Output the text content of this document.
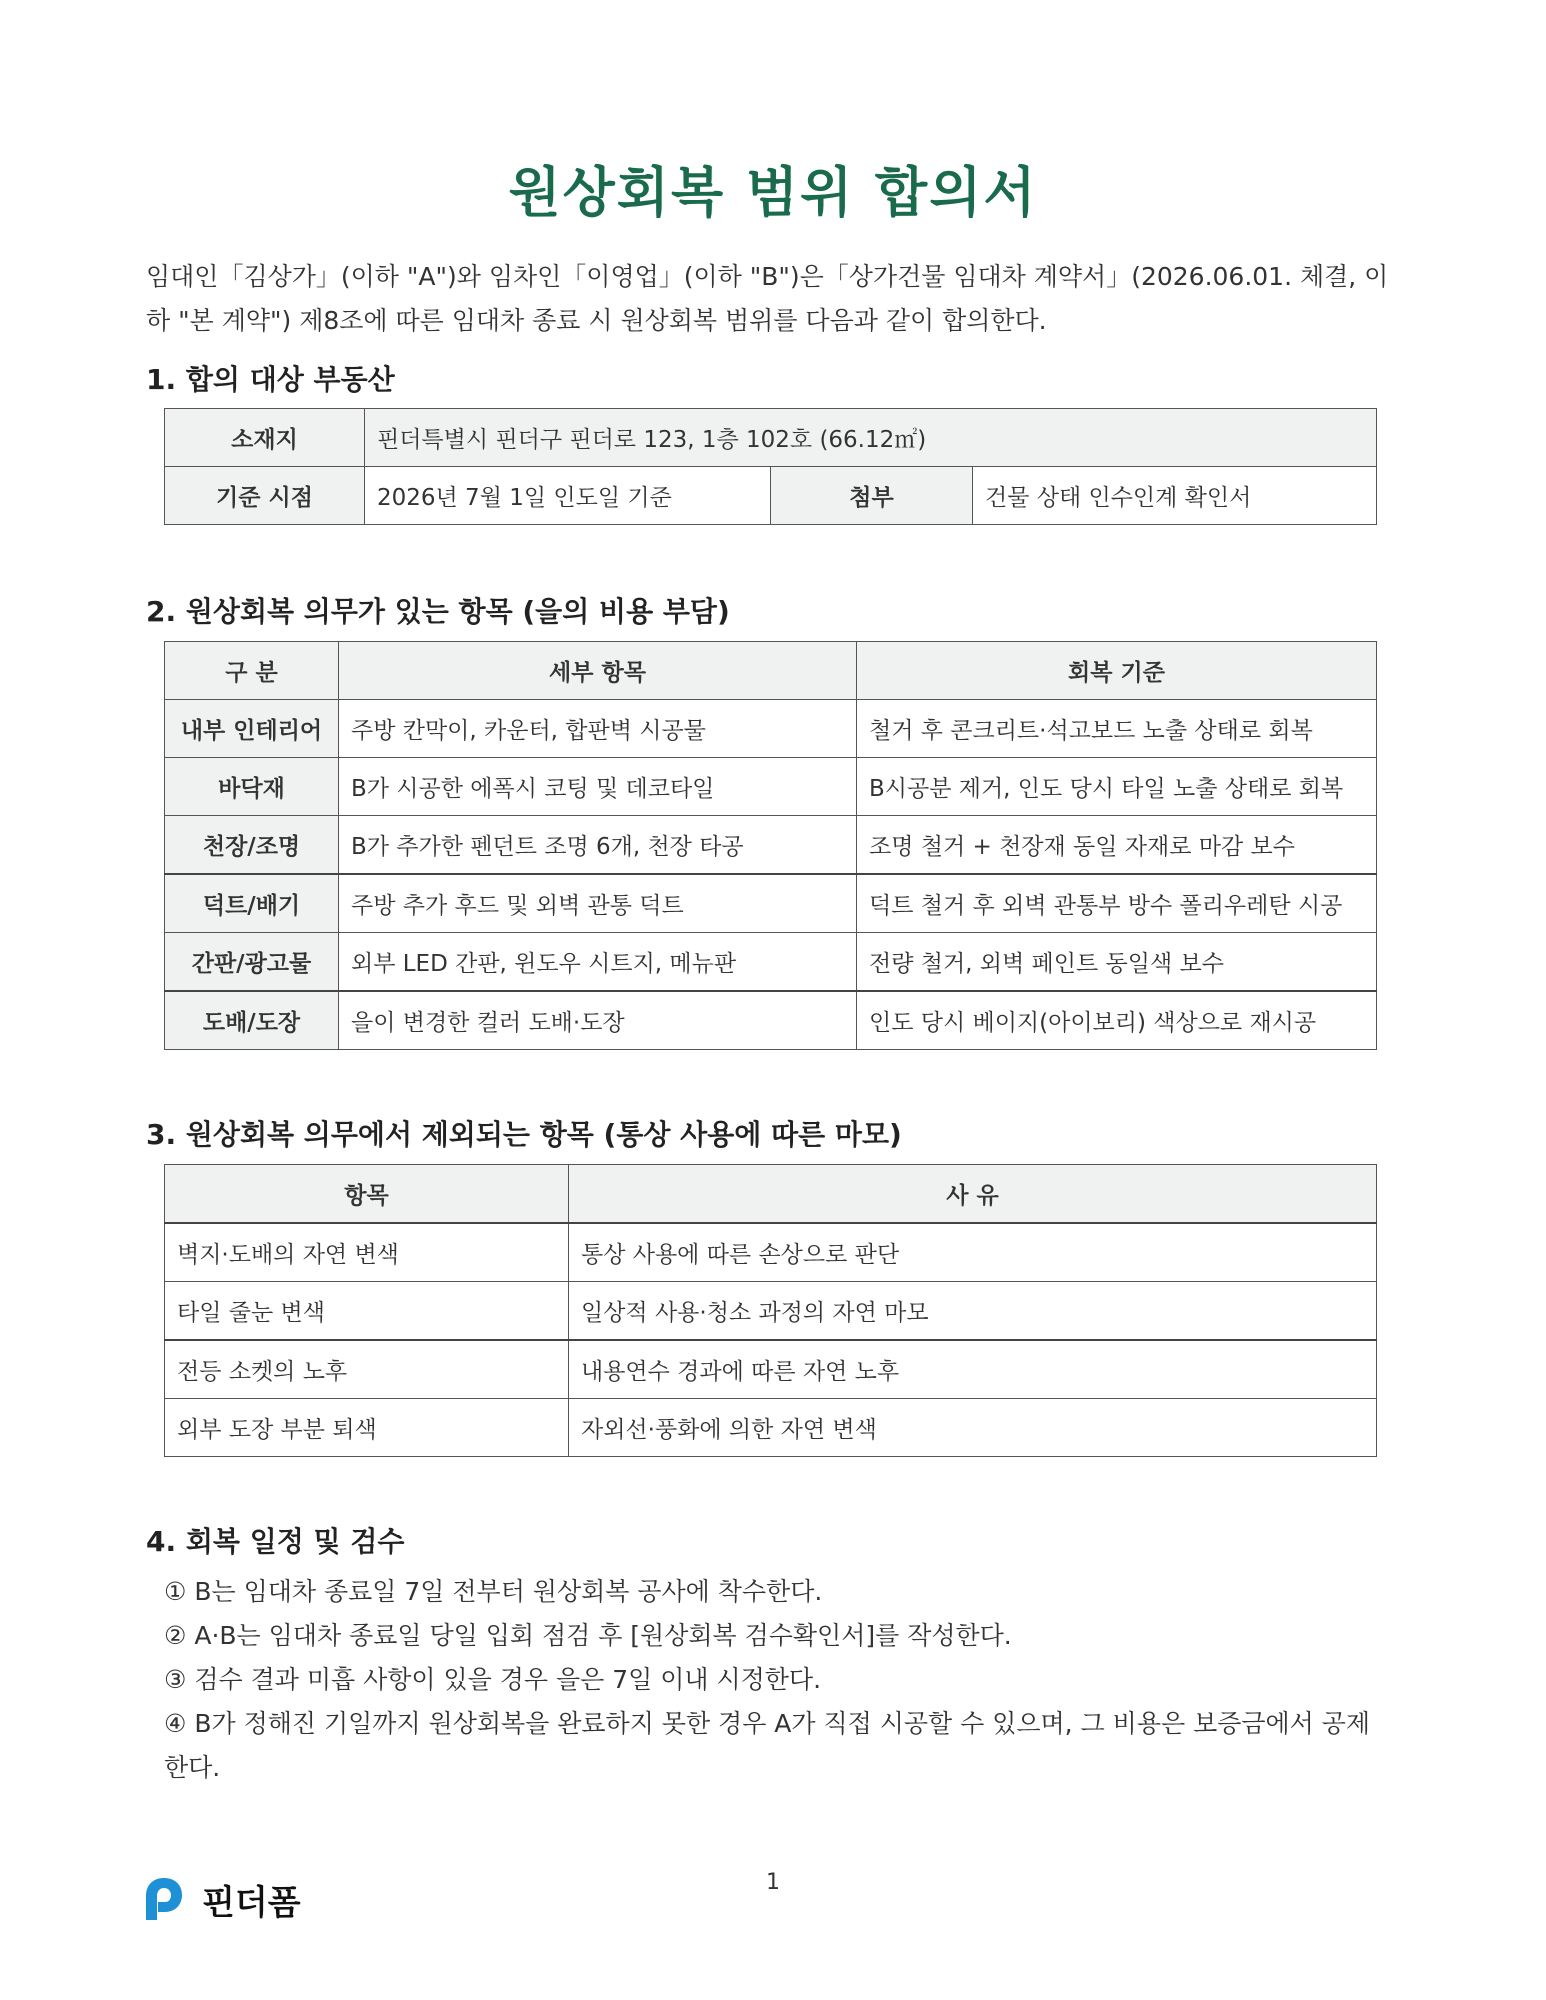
원상회복 범위 합의서
임대인「김상가」(이하 "A")와 임차인「이영업」(이하 "B")은「상가건물 임대차 계약서」(2026.06.01. 체결, 이하 "본 계약") 제8조에 따른 임대차 종료 시 원상회복 범위를 다음과 같이 합의한다.
1. 합의 대상 부동산
소재지	핀더특별시 핀더구 핀더로 123, 1층 102호 (66.12㎡)		
기준 시점	2026년 7월 1일 인도일 기준	첨부	건물 상태 인수인계 확인서
2. 원상회복 의무가 있는 항목 (을의 비용 부담)
구 분	세부 항목	회복 기준
내부 인테리어	주방 칸막이, 카운터, 합판벽 시공물	철거 후 콘크리트·석고보드 노출 상태로 회복
바닥재	B가 시공한 에폭시 코팅 및 데코타일	B시공분 제거, 인도 당시 타일 노출 상태로 회복
천장/조명	B가 추가한 펜던트 조명 6개, 천장 타공	조명 철거 + 천장재 동일 자재로 마감 보수
덕트/배기	주방 추가 후드 및 외벽 관통 덕트	덕트 철거 후 외벽 관통부 방수 폴리우레탄 시공
간판/광고물	외부 LED 간판, 윈도우 시트지, 메뉴판	전량 철거, 외벽 페인트 동일색 보수
도배/도장	을이 변경한 컬러 도배·도장	인도 당시 베이지(아이보리) 색상으로 재시공
3. 원상회복 의무에서 제외되는 항목 (통상 사용에 따른 마모)
항목	사 유
벽지·도배의 자연 변색	통상 사용에 따른 손상으로 판단
타일 줄눈 변색	일상적 사용·청소 과정의 자연 마모
전등 소켓의 노후	내용연수 경과에 따른 자연 노후
외부 도장 부분 퇴색	자외선·풍화에 의한 자연 변색
4. 회복 일정 및 검수
① B는 임대차 종료일 7일 전부터 원상회복 공사에 착수한다.
② A·B는 임대차 종료일 당일 입회 점검 후 [원상회복 검수확인서]를 작성한다.
③ 검수 결과 미흡 사항이 있을 경우 을은 7일 이내 시정한다.
④ B가 정해진 기일까지 원상회복을 완료하지 못한 경우 A가 직접 시공할 수 있으며, 그 비용은 보증금에서 공제한다.
핀더폼	1
